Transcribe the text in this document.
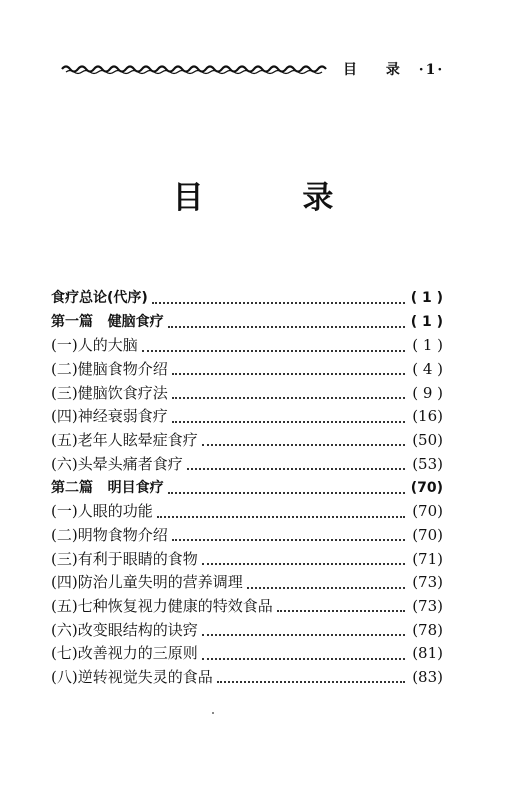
目 录 ·1·
目 录
食疗总论(代序)	( 1 )
第一篇   健脑食疗	( 1 )
(一)人的大脑	( 1 )
(二)健脑食物介绍	( 4 )
(三)健脑饮食疗法	( 9 )
(四)神经衰弱食疗	(16)
(五)老年人眩晕症食疗	(50)
(六)头晕头痛者食疗	(53)
第二篇   明目食疗	(70)
(一)人眼的功能	(70)
(二)明物食物介绍	(70)
(三)有利于眼睛的食物	(71)
(四)防治儿童失明的营养调理	(73)
(五)七种恢复视力健康的特效食品	(73)
(六)改变眼结构的诀窍	(78)
(七)改善视力的三原则	(81)
(八)逆转视觉失灵的食品	(83)
